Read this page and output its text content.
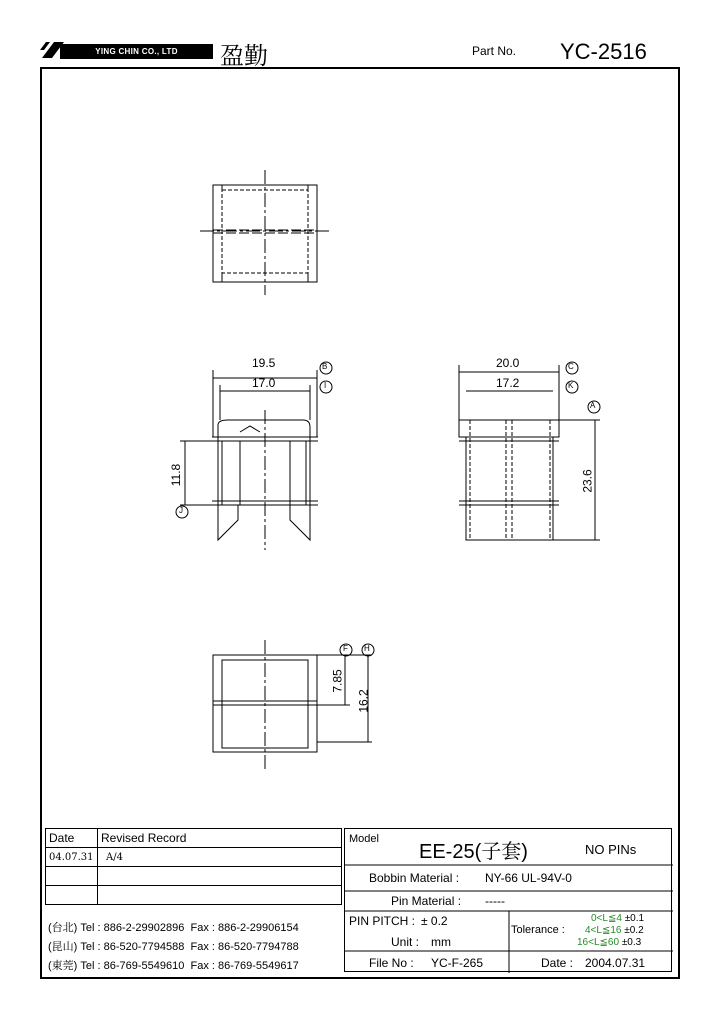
YING CHIN CO., LTD	盈勤	Part No. YC-2516
19.5
17.0
11.8
20.0
17.2
23.6
7.85
16.2
B
I
J
C
K
A
F H
Date	Revised Record
04.07.31	A/4

(台北) Tel : 886-2-29902896 Fax : 886-2-29906154
(昆山) Tel : 86-520-7794588 Fax : 86-520-7794788
(東莞) Tel : 86-769-5549610 Fax : 86-769-5549617
Model
EE-25(子套)	NO PINs
Bobbin Material : NY-66 UL-94V-0
Pin Material : -----
PIN PITCH : ± 0.2
Unit : mm
File No : YC-F-265
Tolerance :
0<L≦4 ±0.1
4<L≦16 ±0.2
16<L≦60 ±0.3
Date : 2004.07.31
